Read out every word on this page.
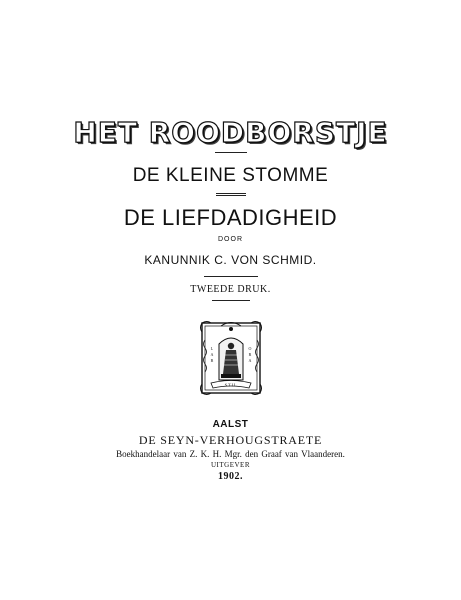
HET ROODBORSTJE
DE KLEINE STOMME
DE LIEFDADIGHEID
DOOR
KANUNNIK C. VON SCHMID.
TWEEDE DRUK.
L
A
B
O
R
A
STIL
AALST
DE SEYN-VERHOUGSTRAETE
Boekhandelaar van Z. K. H. Mgr. den Graaf van Vlaanderen.
UITGEVER
1902.
